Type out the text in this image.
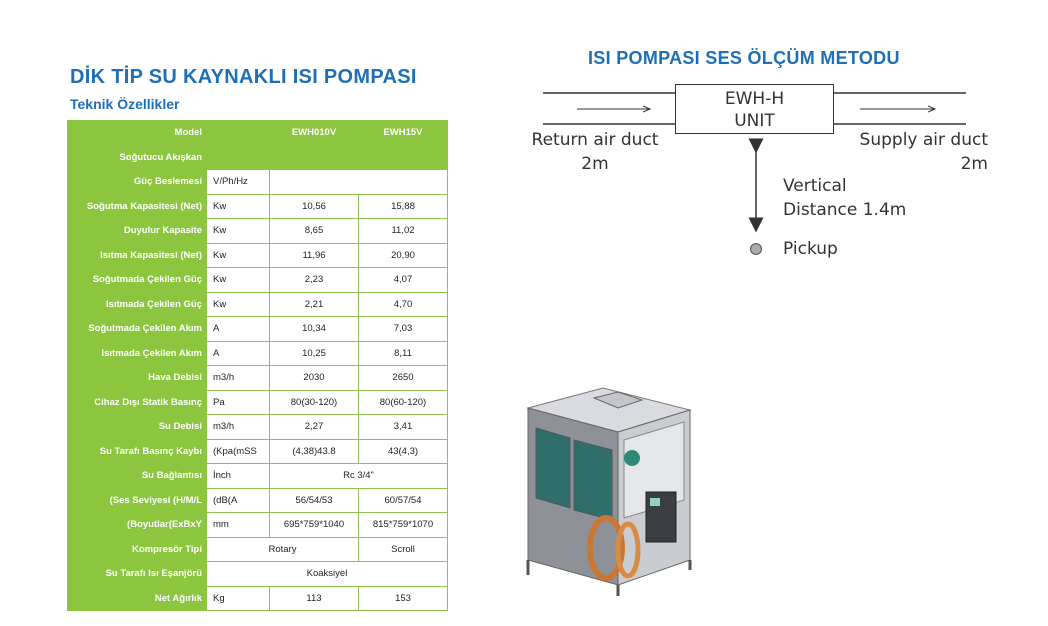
DİK TİP SU KAYNAKLI ISI POMPASI
Teknik Özellikler
Model		EWH010V	EWH15V
Soğutucu Akışkan			
Güç Beslemesi	V/Ph/Hz		
Soğutma Kapasitesi (Net)	Kw	10,56	15,88
Duyulur Kapasite	Kw	8,65	11,02
Isıtma Kapasitesi (Net)	Kw	11,96	20,90
Soğutmada Çekilen Güç	Kw	2,23	4,07
Isıtmada Çekilen Güç	Kw	2,21	4,70
Soğutmada Çekilen Akım	A	10,34	7,03
Isıtmada Çekilen Akım	A	10,25	8,11
Hava Debisi	m3/h	2030	2650
Cihaz Dışı Statik Basınç	Pa	80(30-120)	80(60-120)
Su Debisi	m3/h	2,27	3,41
Su Tarafı Basınç Kaybı	(Kpa(mSS	(4,38)43.8	43(4,3)
Su Bağlantısı	İnch	Rc 3/4"	
(Ses Seviyesi (H/M/L	(dB(A	56/54/53	60/57/54
(Boyutlar(ExBxY	mm	695*759*1040	815*759*1070
Kompresör Tipi	Rotary		Scroll
Su Tarafı Isı Eşanjörü	Koaksiyel		
Net Ağırlık	Kg	113	153
ISI POMPASI SES ÖLÇÜM METODU
EWH-H
UNIT
Return air duct
2m
Supply air duct
2m
Vertical
Distance 1.4m
Pickup
